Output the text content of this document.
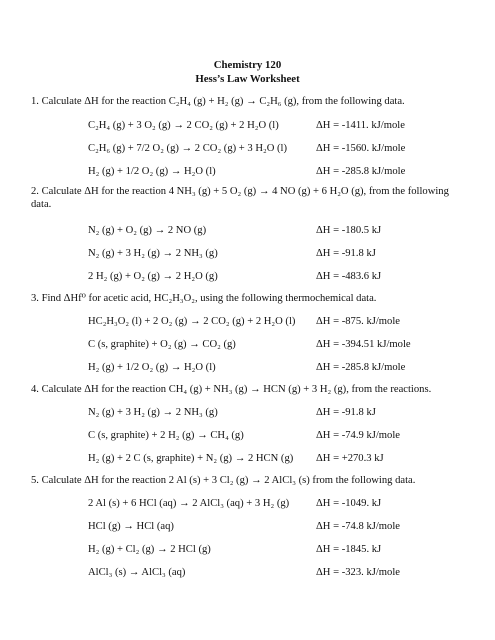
Chemistry 120
Hess’s Law Worksheet
1. Calculate ΔH for the reaction C₂H₄ (g) + H₂ (g) → C₂H₆ (g), from the following data.
C₂H₄ (g) + 3 O₂ (g) → 2 CO₂ (g) + 2 H₂O (l)	ΔH = -1411. kJ/mole
C₂H₆ (g) + 7/2 O₂ (g) → 2 CO₂ (g) + 3 H₂O (l)	ΔH = -1560. kJ/mole
H₂ (g) + 1/2 O₂ (g) → H₂O (l)	ΔH = -285.8 kJ/mole
2. Calculate ΔH for the reaction 4 NH₃ (g) + 5 O₂ (g) → 4 NO (g) + 6 H₂O (g), from the following data.
N₂ (g) + O₂ (g) → 2 NO (g)	ΔH = -180.5 kJ
N₂ (g) + 3 H₂ (g) → 2 NH₃ (g)	ΔH = -91.8 kJ
2 H₂ (g) + O₂ (g) → 2 H₂O (g)	ΔH = -483.6 kJ
3. Find ΔHf⁰ for acetic acid, HC₂H₃O₂, using the following thermochemical data.
HC₂H₃O₂ (l) + 2 O₂ (g) → 2 CO₂ (g) + 2 H₂O (l) ΔH = -875. kJ/mole
C (s, graphite) + O₂ (g) → CO₂ (g)	ΔH = -394.51 kJ/mole
H₂ (g) + 1/2 O₂ (g) → H₂O (l)	ΔH = -285.8 kJ/mole
4. Calculate ΔH for the reaction CH₄ (g) + NH₃ (g) → HCN (g) + 3 H₂ (g), from the reactions.
N₂ (g) + 3 H₂ (g) → 2 NH₃ (g)	ΔH = -91.8 kJ
C (s, graphite) + 2 H₂ (g) → CH₄ (g)	ΔH = -74.9 kJ/mole
H₂ (g) + 2 C (s, graphite) + N₂ (g) → 2 HCN (g) ΔH = +270.3 kJ
5. Calculate ΔH for the reaction 2 Al (s) + 3 Cl₂ (g) → 2 AlCl₃ (s) from the following data.
2 Al (s) + 6 HCl (aq) → 2 AlCl₃ (aq) + 3 H₂ (g)	ΔH = -1049. kJ
HCl (g) → HCl (aq)	ΔH = -74.8 kJ/mole
H₂ (g) + Cl₂ (g) → 2 HCl (g)	ΔH = -1845. kJ
AlCl₃ (s) → AlCl₃ (aq)	ΔH = -323. kJ/mole
